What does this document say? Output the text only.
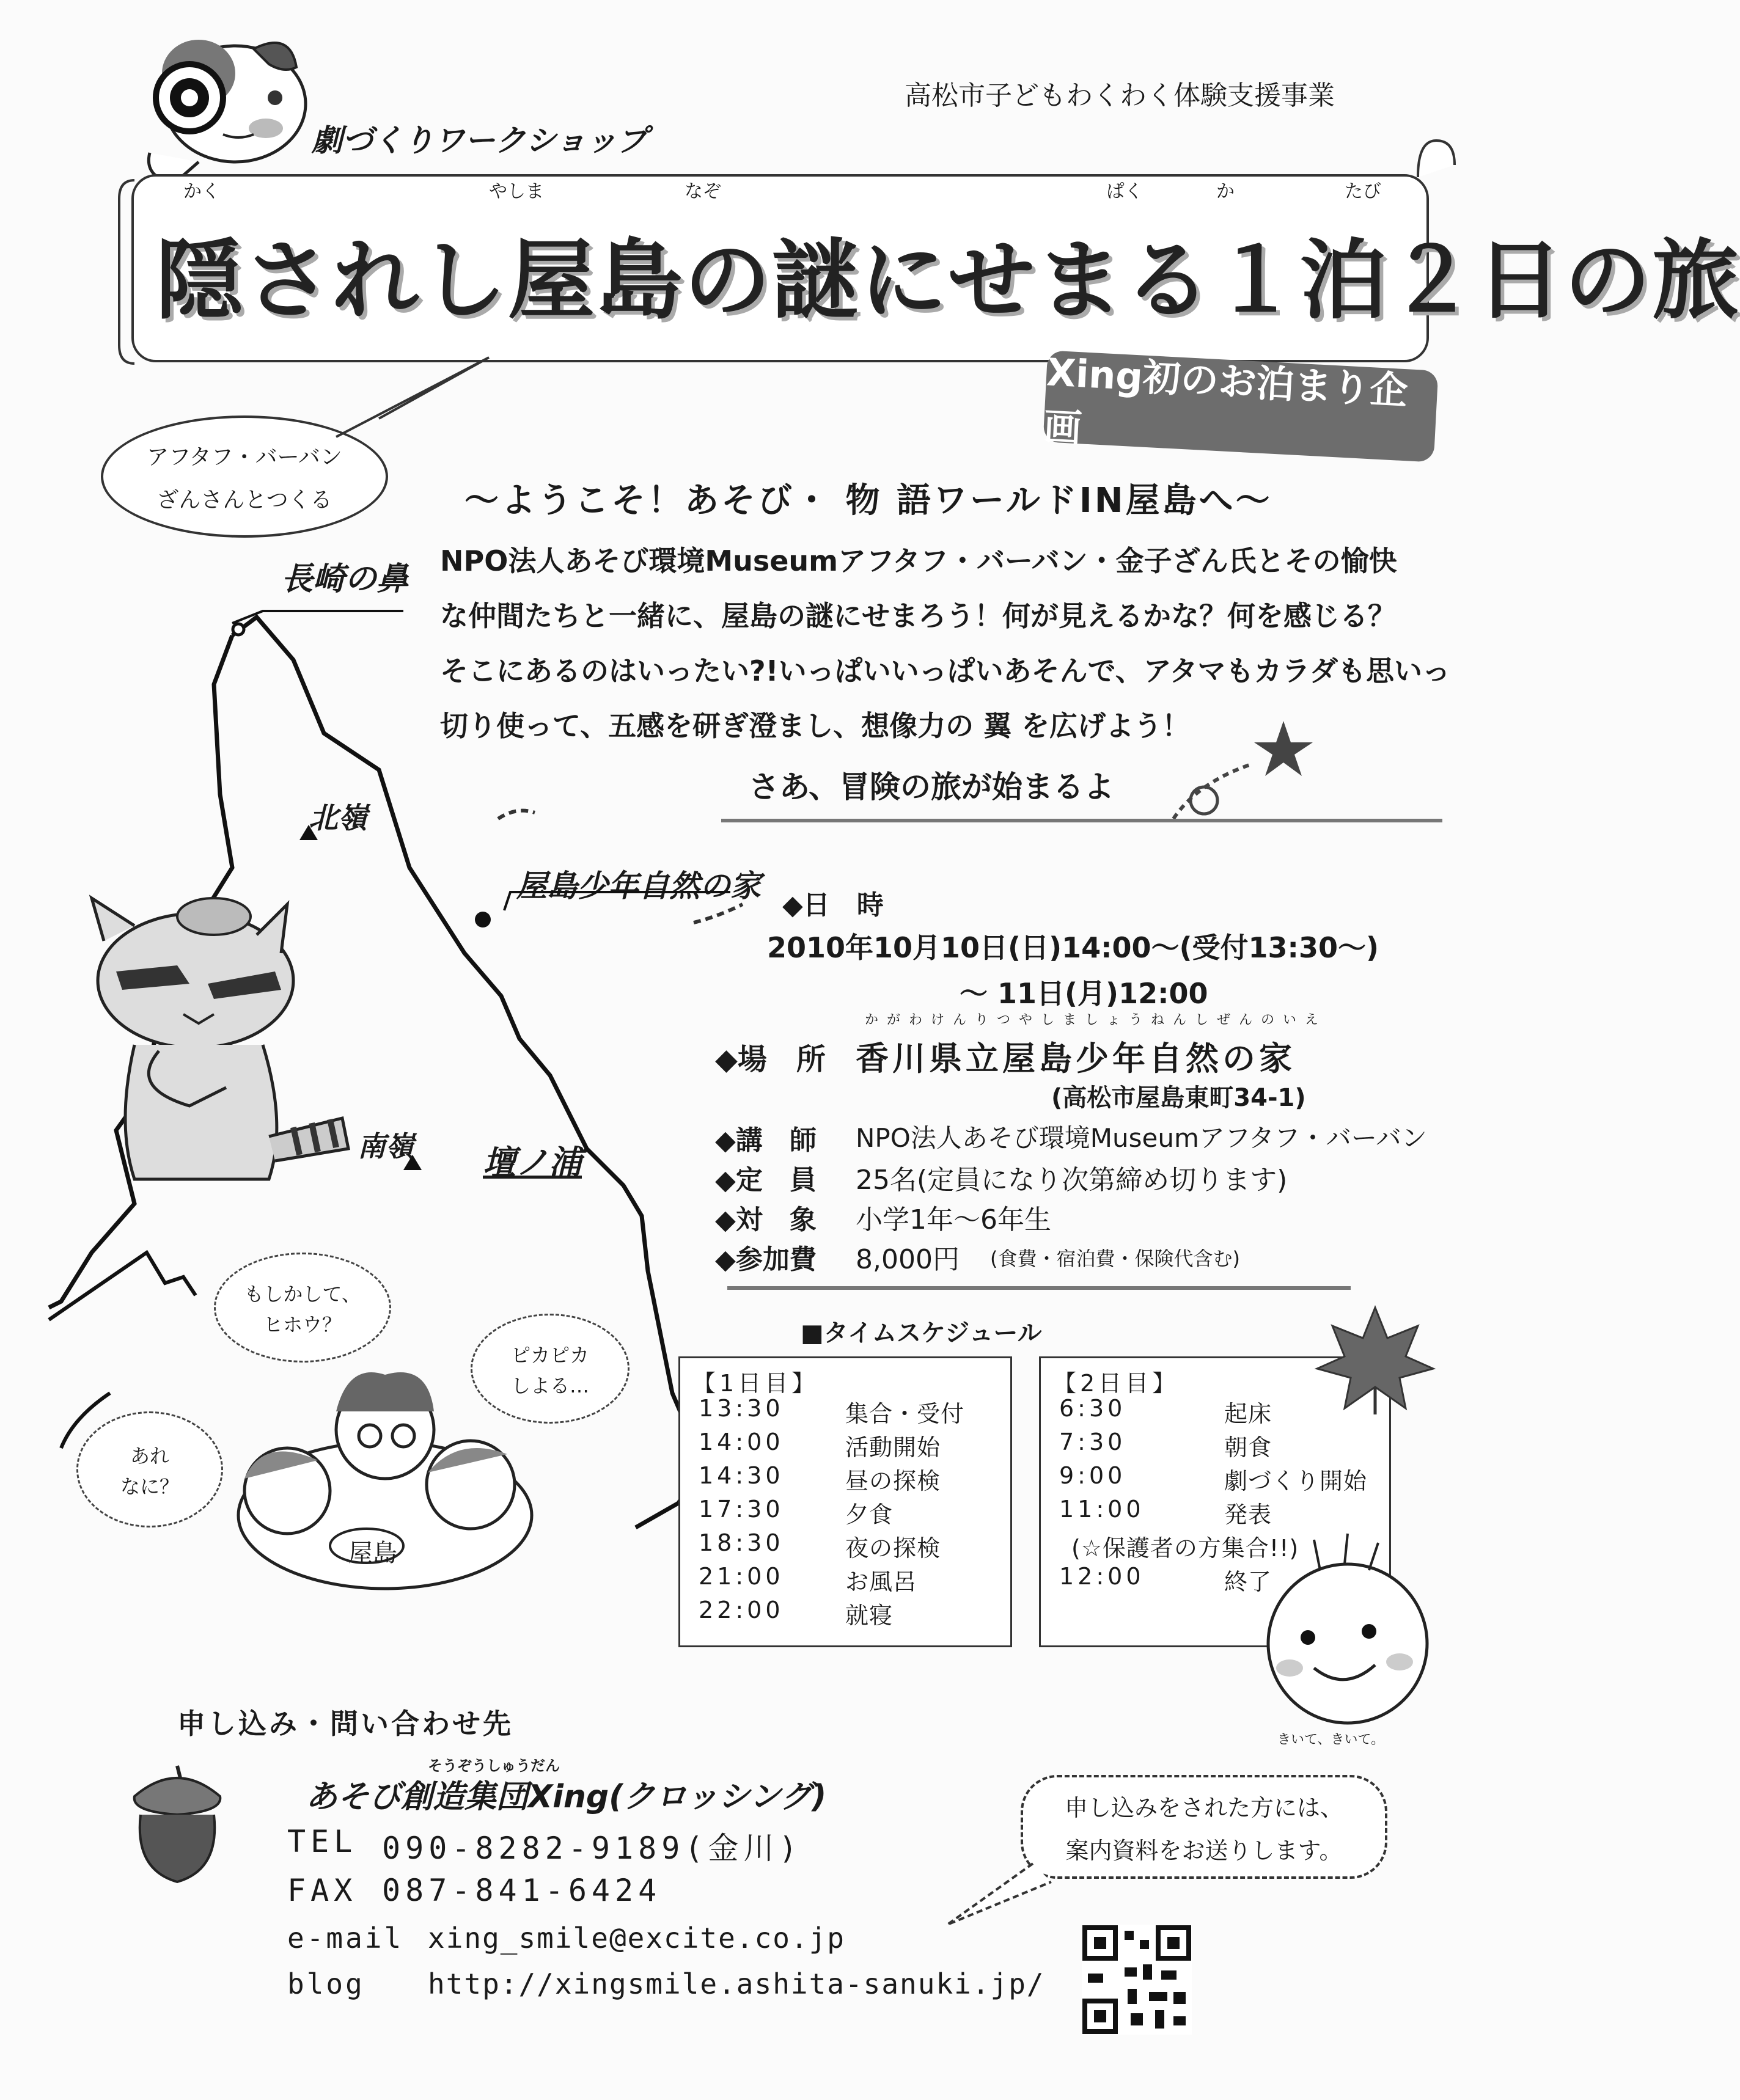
高松市子どもわくわく体験支援事業
劇づくりワークショップ
かく	やしま	なぞ	ぱく	か	たび
隠されし屋島の謎にせまる１泊２日の旅
Xing初のお泊まり企画
アフタフ・バーバン
ざんさんとつくる	～ようこそ！あそび・ 物 語ワールドIN屋島へ～
NPO法人あそび環境Museumアフタフ・バーバン・金子ざん氏とその愉快
な仲間たちと一緒に、屋島の謎にせまろう！何が見えるかな？何を感じる？
そこにあるのはいったい?!いっぱいいっぱいあそんで、アタマもカラダも思いっ
切り使って、五感を研ぎ澄まし、想像力の 翼 を広げよう！
さあ、冒険の旅が始まるよ
長崎の鼻
北嶺
屋島少年自然の家
南嶺 壇ノ浦
もしかして、
ヒホウ？
ピカピカ
しよる…
あれ
なに？
屋島
◆日　時
2010年10月10日(日)14:00～(受付13:30～)
～ 11日(月)12:00
かがわけんりつやしましょうねんしぜんのいえ
◆場　所 香川県立屋島少年自然の家
(高松市屋島東町34-1)
◆講　師 NPO法人あそび環境Museumアフタフ・バーバン
◆定　員 25名(定員になり次第締め切ります)
◆対　象 小学1年～6年生
◆参加費 8,000円 (食費・宿泊費・保険代含む)
■タイムスケジュール
【1日目】
13:30	集合・受付
14:00	活動開始
14:30	昼の探検
17:30	夕食
18:30	夜の探検
21:00	お風呂
22:00	就寝
【2日目】
6:30	起床
7:30	朝食
9:00	劇づくり開始
11:00	発表
(☆保護者の方集合!!)
12:00	終了
きいて、きいて。
申し込み・問い合わせ先
そうぞうしゅうだん
あそび創造集団Xing(クロッシング)
TEL 090-8282-9189(金川)
FAX 087-841-6424
e-mail xing_smile@excite.co.jp
blog http://xingsmile.ashita-sanuki.jp/
申し込みをされた方には、
案内資料をお送りします。
